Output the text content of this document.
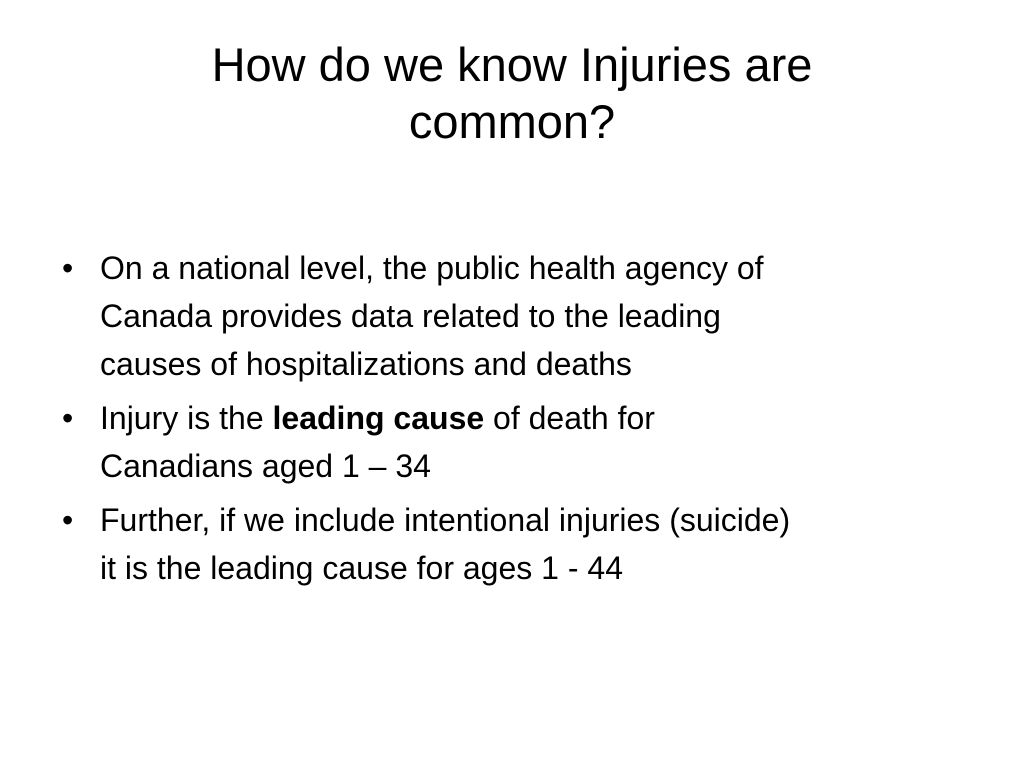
How do we know Injuries are
common?
• On a national level, the public health agency of
Canada provides data related to the leading
causes of hospitalizations and deaths
• Injury is the leading cause of death for
Canadians aged 1 – 34
• Further, if we include intentional injuries (suicide)
it is the leading cause for ages 1 - 44
